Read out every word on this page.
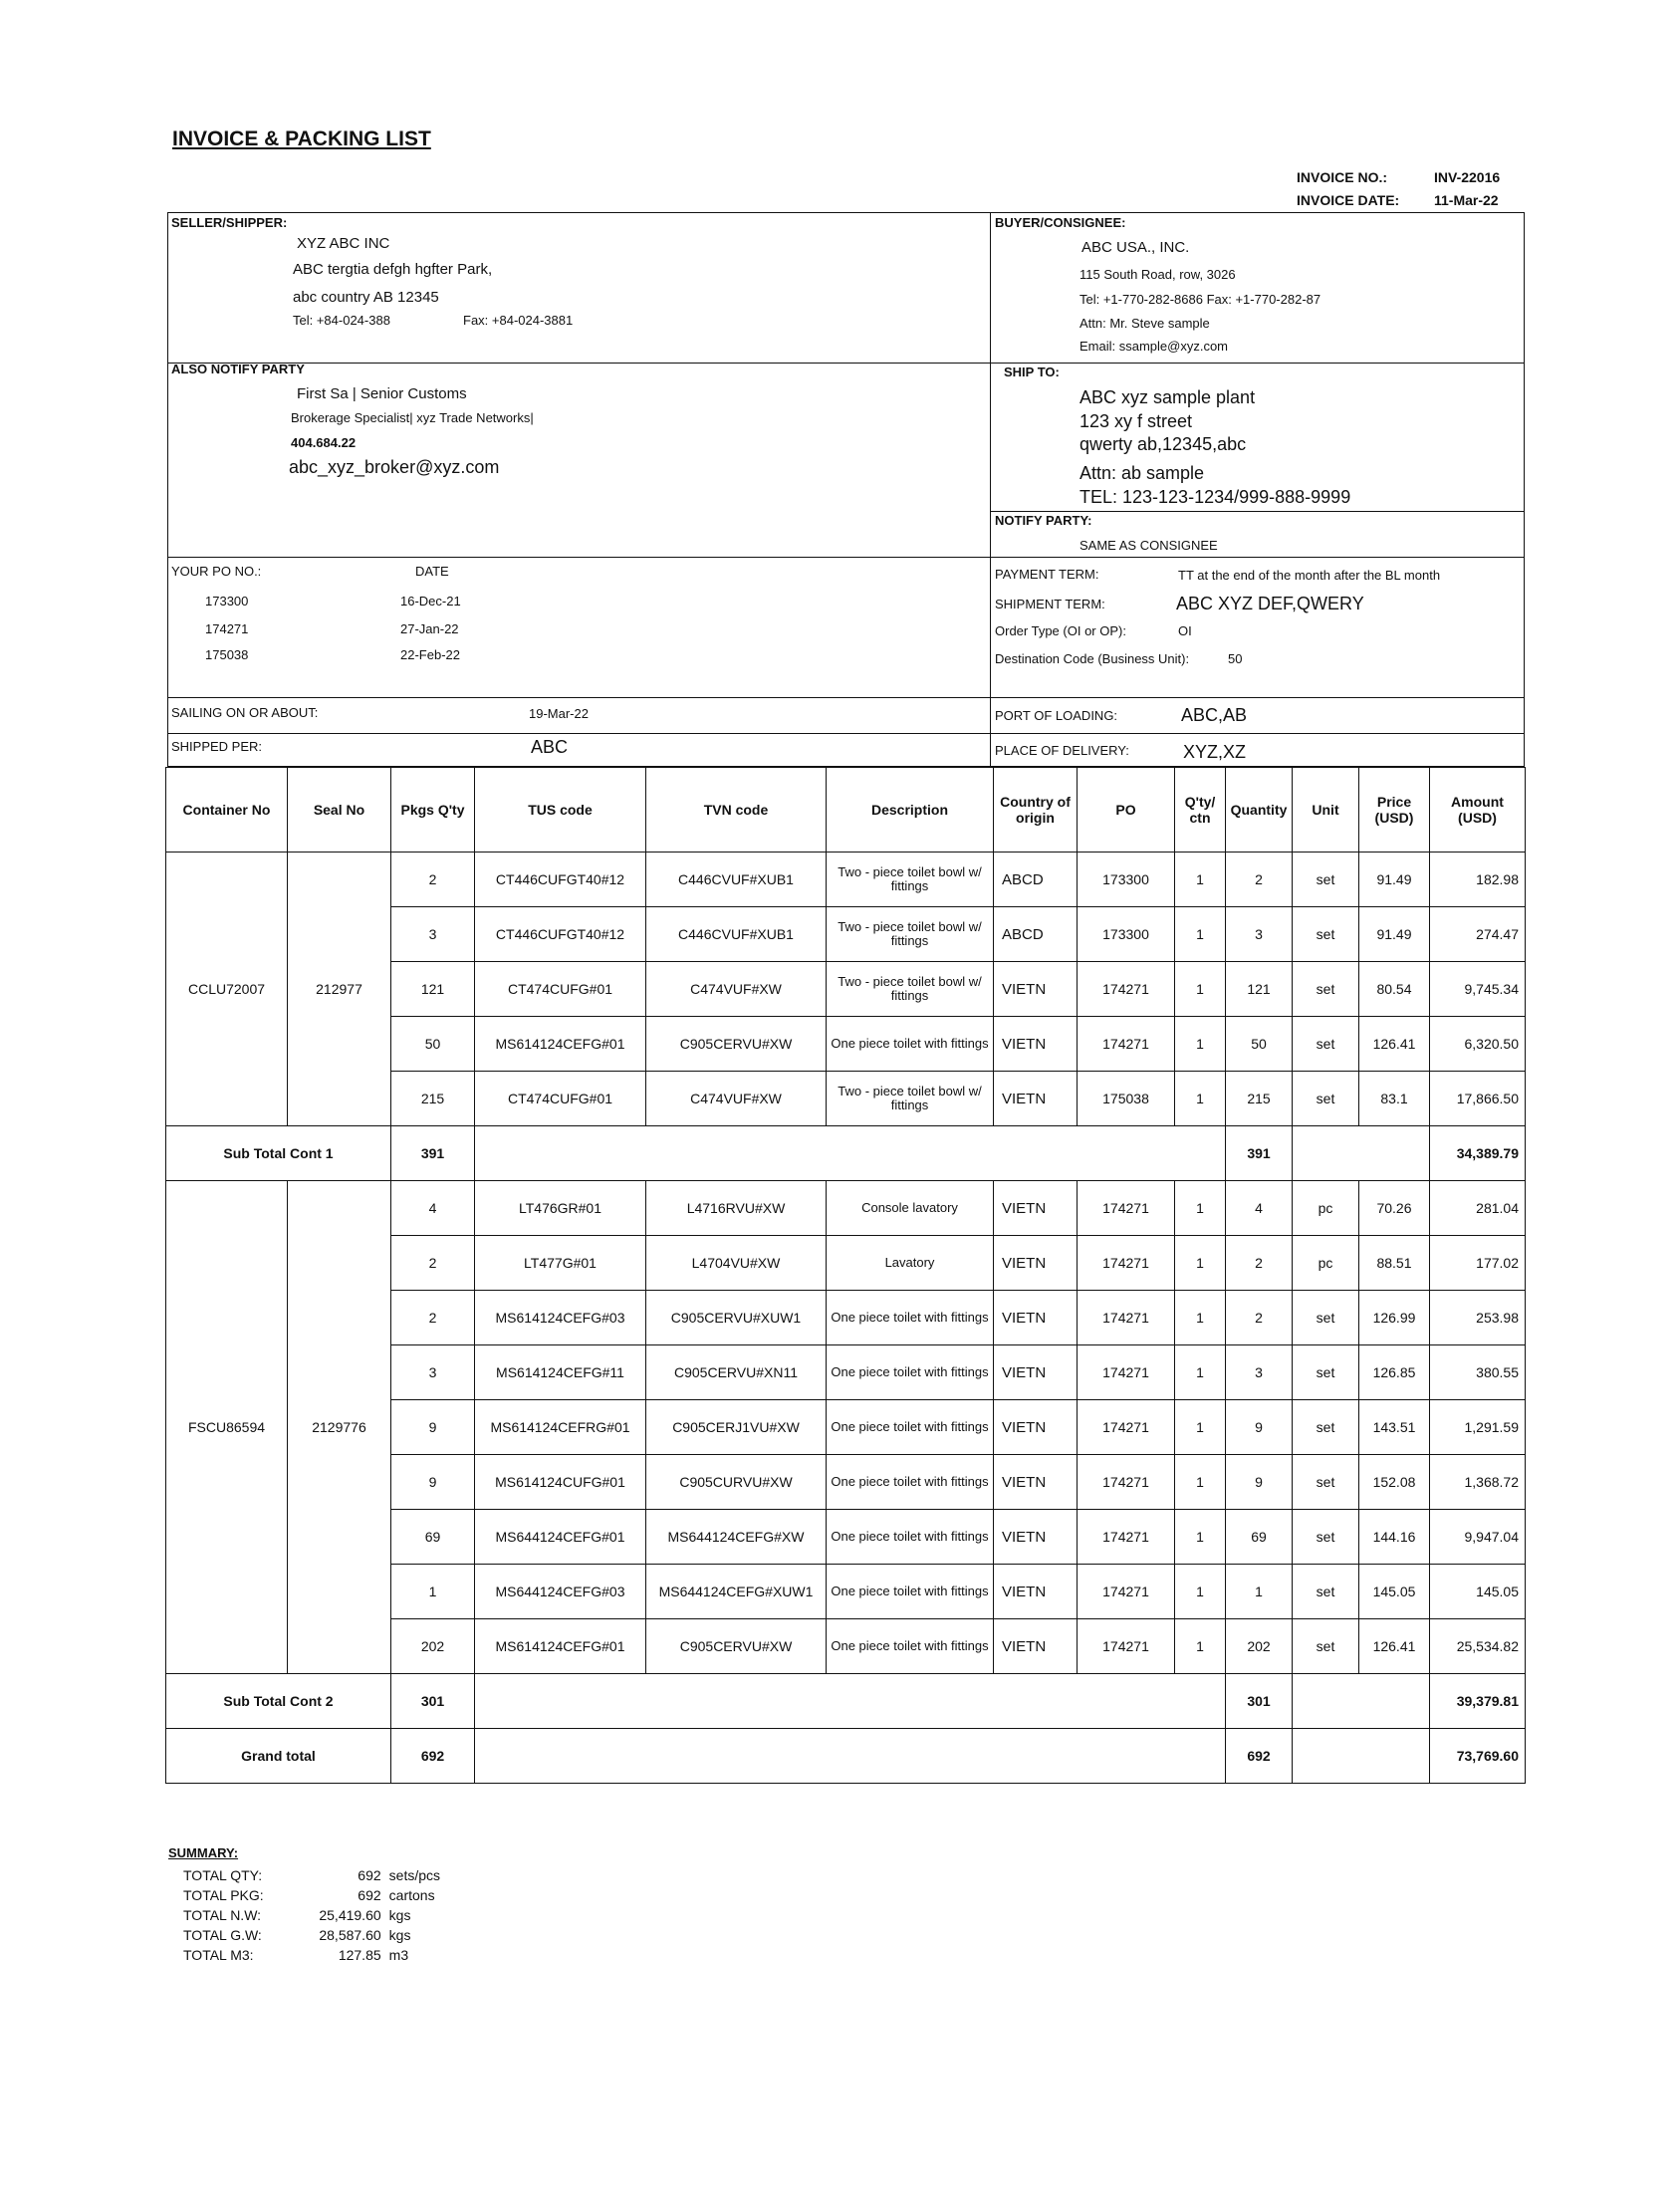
INVOICE & PACKING LIST
INVOICE NO.:	INV-22016
INVOICE DATE: 11-Mar-22
SELLER/SHIPPER:
XYZ ABC INC
ABC tergtia defgh hgfter Park,
abc country AB 12345
Tel: +84-024-388	Fax: +84-024-3881
BUYER/CONSIGNEE:
ABC USA., INC.
115 South Road, row, 3026
Tel: +1-770-282-8686 Fax: +1-770-282-87
Attn: Mr. Steve sample
Email: ssample@xyz.com
ALSO NOTIFY PARTY
First Sa | Senior Customs
Brokerage Specialist| xyz Trade Networks|
404.684.22
abc_xyz_broker@xyz.com
SHIP TO:
ABC xyz sample plant
123 xy f street
qwerty ab,12345,abc
Attn: ab sample
TEL: 123-123-1234/999-888-9999
NOTIFY PARTY:
SAME AS CONSIGNEE
YOUR PO NO.:	DATE
173300	16-Dec-21
174271	27-Jan-22
175038	22-Feb-22
PAYMENT TERM:	TT at the end of the month after the BL month
SHIPMENT TERM:	ABC XYZ DEF,QWERY
Order Type (OI or OP):	OI
Destination Code (Business Unit):	50
SAILING ON OR ABOUT:	19-Mar-22
SHIPPED PER:	ABC
PORT OF LOADING:	ABC,AB
PLACE OF DELIVERY:	XYZ,XZ
Container No	Seal No	Pkgs Q'ty	TUS code	TVN code	Description	Country of origin	PO	Q'ty/ ctn	Quantity	Unit	Price (USD)	Amount (USD)
CCLU72007	212977	2	CT446CUFGT40#12	C446CVUF#XUB1	Two - piece toilet bowl w/ fittings	ABCD	173300	1	2	set	91.49	182.98
		3	CT446CUFGT40#12	C446CVUF#XUB1	Two - piece toilet bowl w/ fittings	ABCD	173300	1	3	set	91.49	274.47
		121	CT474CUFG#01	C474VUF#XW	Two - piece toilet bowl w/ fittings	VIETN	174271	1	121	set	80.54	9,745.34
		50	MS614124CEFG#01	C905CERVU#XW	One piece toilet with fittings	VIETN	174271	1	50	set	126.41	6,320.50
		215	CT474CUFG#01	C474VUF#XW	Two - piece toilet bowl w/ fittings	VIETN	175038	1	215	set	83.1	17,866.50
Sub Total Cont 1		391							391			34,389.79
FSCU86594	2129776	4	LT476GR#01	L4716RVU#XW	Console lavatory	VIETN	174271	1	4	pc	70.26	281.04
		2	LT477G#01	L4704VU#XW	Lavatory	VIETN	174271	1	2	pc	88.51	177.02
		2	MS614124CEFG#03	C905CERVU#XUW1	One piece toilet with fittings	VIETN	174271	1	2	set	126.99	253.98
		3	MS614124CEFG#11	C905CERVU#XN11	One piece toilet with fittings	VIETN	174271	1	3	set	126.85	380.55
		9	MS614124CEFRG#01	C905CERJ1VU#XW	One piece toilet with fittings	VIETN	174271	1	9	set	143.51	1,291.59
		9	MS614124CUFG#01	C905CURVU#XW	One piece toilet with fittings	VIETN	174271	1	9	set	152.08	1,368.72
		69	MS644124CEFG#01	MS644124CEFG#XW	One piece toilet with fittings	VIETN	174271	1	69	set	144.16	9,947.04
		1	MS644124CEFG#03	MS644124CEFG#XUW1	One piece toilet with fittings	VIETN	174271	1	1	set	145.05	145.05
		202	MS614124CEFG#01	C905CERVU#XW	One piece toilet with fittings	VIETN	174271	1	202	set	126.41	25,534.82
Sub Total Cont 2		301							301			39,379.81
Grand total		692							692			73,769.60
SUMMARY:
TOTAL QTY:	692	sets/pcs
TOTAL PKG:	692	cartons
TOTAL N.W:	25,419.60	kgs
TOTAL G.W:	28,587.60	kgs
TOTAL M3:	127.85	m3
